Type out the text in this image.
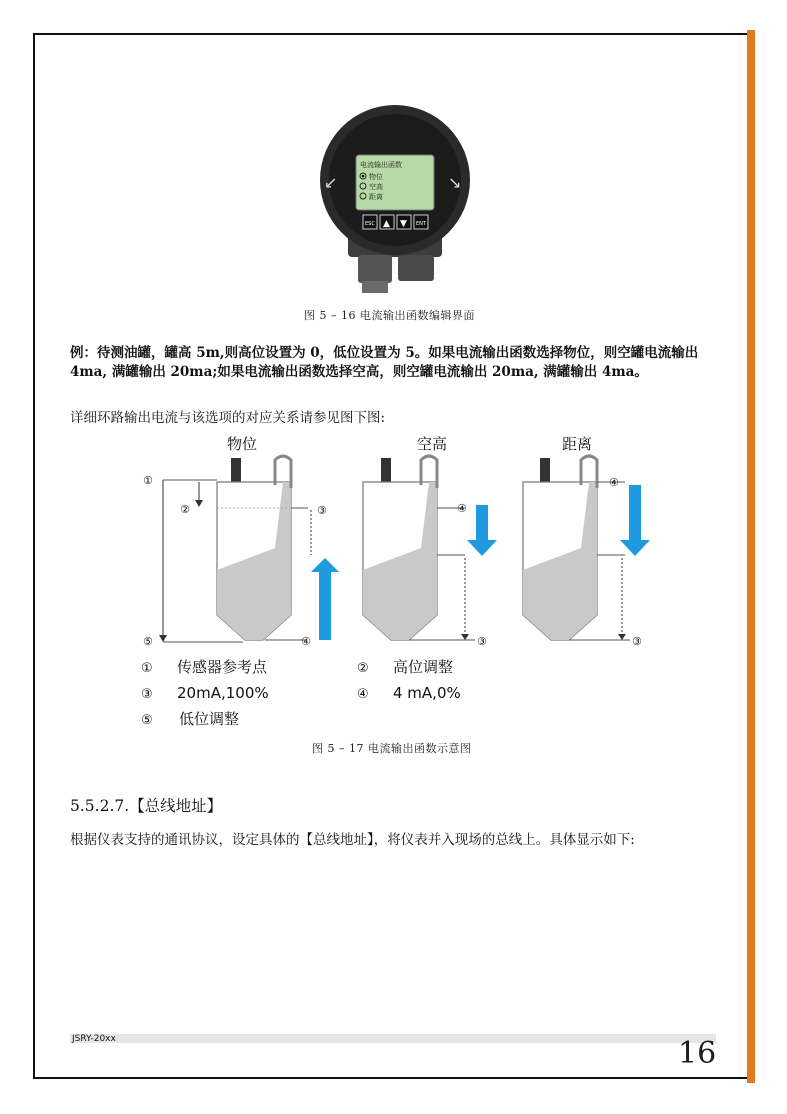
↙	↘
电流输出函数
物位
空高
距离
ESC ▲ ▼ ENT
图 5 – 16 电流输出函数编辑界面
例：待测油罐，罐高 5m,则高位设置为 0，低位设置为 5。如果电流输出函数选择物位，则空罐电流输出 4ma, 满罐输出 20ma;如果电流输出函数选择空高，则空罐电流输出 20ma, 满罐输出 4ma。
详细环路输出电流与该选项的对应关系请参见图下图:
物位	空高	距离
①
②	③
④
⑤
④
③
④
③
① 传感器参考点	② 高位调整
③ 20mA,100%	④ 4 mA,0%
⑤ 低位调整
图 5 – 17 电流输出函数示意图
5.5.2.7.【总线地址】
根据仪表支持的通讯协议，设定具体的【总线地址】，将仪表并入现场的总线上。具体显示如下:
JSRY-20xx	16
